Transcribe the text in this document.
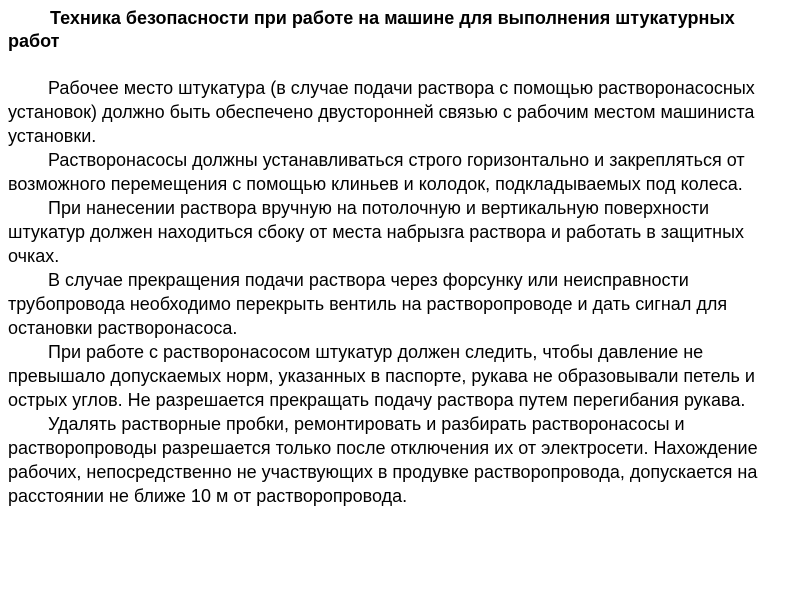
Техника безопасности при работе на машине для выполнения штукатурных работ

Рабочее место штукатура (в случае подачи раствора с помощью растворонасосных установок) должно быть обеспечено двусторонней связью с рабочим местом машиниста установки.

Растворонасосы должны устанавливаться строго горизонтально и закрепляться от возможного перемещения с помощью клиньев и колодок, подкладываемых под колеса.

При нанесении раствора вручную на потолочную и вертикальную поверхности штукатур должен находиться сбоку от места набрызга раствора и работать в защитных очках.

В случае прекращения подачи раствора через форсунку или неисправности трубопровода необходимо перекрыть вентиль на растворопроводе и дать сигнал для остановки растворонасоса.

При работе с растворонасосом штукатур должен следить, чтобы давление не превышало допускаемых норм, указанных в паспорте, рукава не образовывали петель и острых углов. Не разрешается прекращать подачу раствора путем перегибания рукава.

Удалять растворные пробки, ремонтировать и разбирать растворонасосы и растворопроводы разрешается только после отключения их от электросети. Нахождение рабочих, непосредственно не участвующих в продувке растворопровода, допускается на расстоянии не ближе 10 м от растворопровода.
